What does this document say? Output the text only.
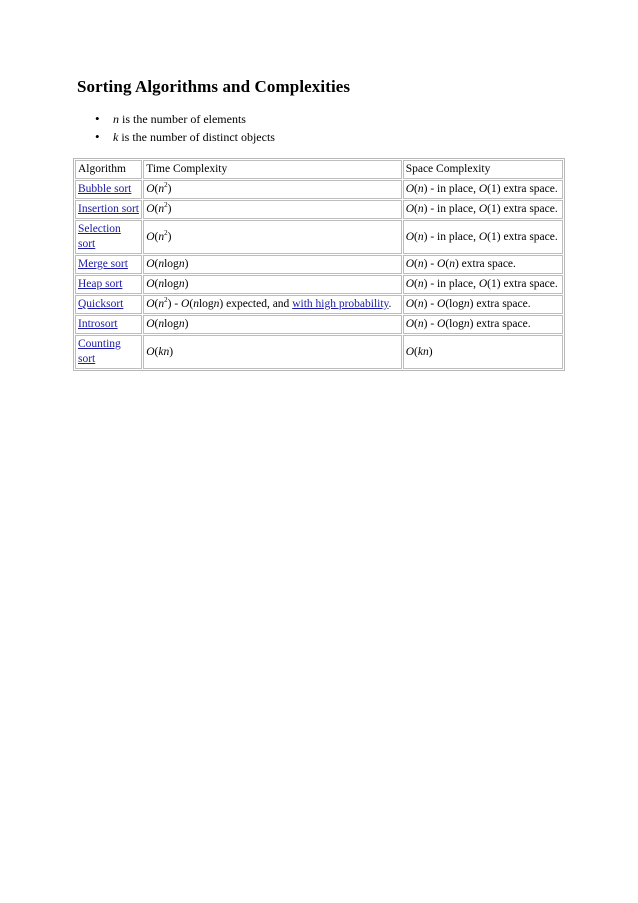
Sorting Algorithms and Complexities
• n is the number of elements
• k is the number of distinct objects
Algorithm	Time Complexity	Space Complexity
Bubble sort	$O(n^2)$	O(n) - in place, O(1) extra space.
Insertion sort	$O(n^2)$	O(n) - in place, O(1) extra space.
Selection sort	$O(n^2)$	O(n) - in place, O(1) extra space.
Merge sort	O(nlogn)	O(n) - O(n) extra space.
Heap sort	O(nlogn)	O(n) - in place, O(1) extra space.
Quicksort	$O(n^2) - O(nlogn)$ expected, and with high probability.	O(n) - O(logn) extra space.
Introsort	O(nlogn)	O(n) - O(logn) extra space.
Counting sort	O(kn)	O(kn)
